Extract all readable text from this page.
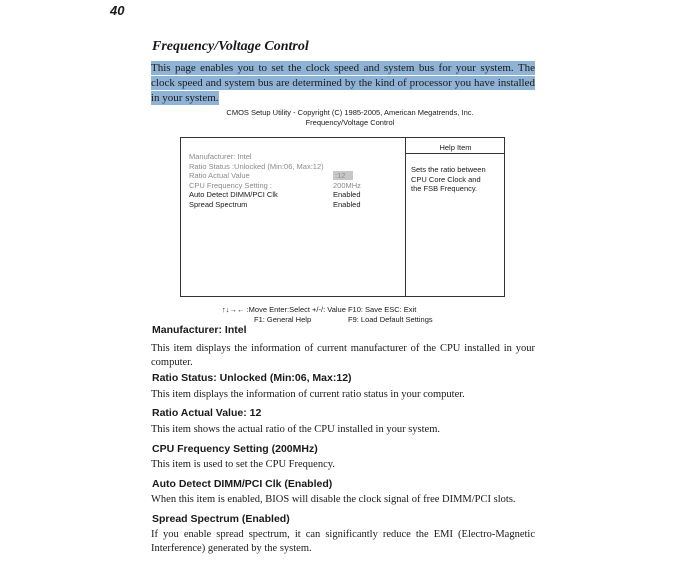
40
Frequency/Voltage Control
This page enables you to set the clock speed and system bus for your system. The clock speed and system bus are determined by the kind of processor you have installed in your system.
CMOS Setup Utility - Copyright (C) 1985-2005, American Megatrends, Inc.
Frequency/Voltage Control
Help Item
Sets the ratio between CPU Core Clock and the FSB Frequency.
Manufacturer: Intel
Ratio Status :Unlocked (Min:06, Max:12)
Ratio Actual Value	:12
CPU Frequency Setting :	200MHz
Auto Detect DIMM/PCI Clk	Enabled
Spread Spectrum	Enabled
↑↓→← :Move Enter:Select +/-/: Value F10: Save ESC: Exit
F1: General Help	F9: Load Default Settings
Manufacturer: Intel
This item displays the information of current manufacturer of the CPU installed in your computer.
Ratio Status: Unlocked (Min:06, Max:12)
This item displays the information of current ratio status in your computer.
Ratio Actual Value: 12
This item shows the actual ratio of the CPU installed in your system.
CPU Frequency Setting (200MHz)
This item is used to set the CPU Frequency.
Auto Detect DIMM/PCI Clk (Enabled)
When this item is enabled, BIOS will disable the clock signal of free DIMM/PCI slots.
Spread Spectrum (Enabled)
If you enable spread spectrum, it can significantly reduce the EMI (Electro-Magnetic Interference) generated by the system.
